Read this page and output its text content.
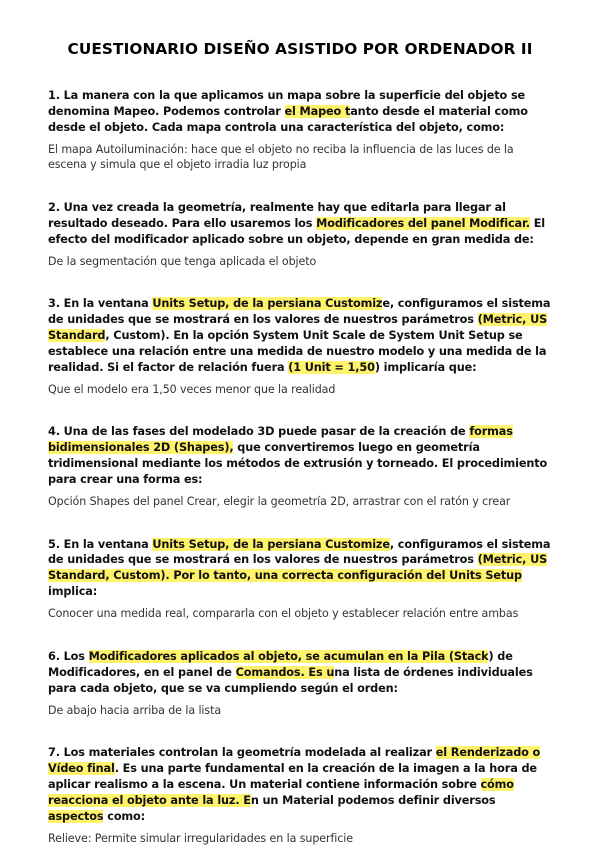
CUESTIONARIO DISEÑO ASISTIDO POR ORDENADOR II

1. La manera con la que aplicamos un mapa sobre la superficie del objeto se denomina Mapeo. Podemos controlar el Mapeo tanto desde el material como desde el objeto. Cada mapa controla una característica del objeto, como:

El mapa Autoiluminación: hace que el objeto no reciba la influencia de las luces de la escena y simula que el objeto irradia luz propia

2. Una vez creada la geometría, realmente hay que editarla para llegar al resultado deseado. Para ello usaremos los Modificadores del panel Modificar. El efecto del modificador aplicado sobre un objeto, depende en gran medida de:

De la segmentación que tenga aplicada el objeto

3. En la ventana Units Setup, de la persiana Customize, configuramos el sistema de unidades que se mostrará en los valores de nuestros parámetros (Metric, US Standard, Custom). En la opción System Unit Scale de System Unit Setup se establece una relación entre una medida de nuestro modelo y una medida de la realidad. Si el factor de relación fuera (1 Unit = 1,50) implicaría que:

Que el modelo era 1,50 veces menor que la realidad

4. Una de las fases del modelado 3D puede pasar de la creación de formas bidimensionales 2D (Shapes), que convertiremos luego en geometría tridimensional mediante los métodos de extrusión y torneado. El procedimiento para crear una forma es:

Opción Shapes del panel Crear, elegir la geometría 2D, arrastrar con el ratón y crear

5. En la ventana Units Setup, de la persiana Customize, configuramos el sistema de unidades que se mostrará en los valores de nuestros parámetros (Metric, US Standard, Custom). Por lo tanto, una correcta configuración del Units Setup implica:

Conocer una medida real, compararla con el objeto y establecer relación entre ambas

6. Los Modificadores aplicados al objeto, se acumulan en la Pila (Stack) de Modificadores, en el panel de Comandos. Es una lista de órdenes individuales para cada objeto, que se va cumpliendo según el orden:

De abajo hacia arriba de la lista

7. Los materiales controlan la geometría modelada al realizar el Renderizado o Vídeo final. Es una parte fundamental en la creación de la imagen a la hora de aplicar realismo a la escena. Un material contiene información sobre cómo reacciona el objeto ante la luz. En un Material podemos definir diversos aspectos como:

Relieve: Permite simular irregularidades en la superficie
